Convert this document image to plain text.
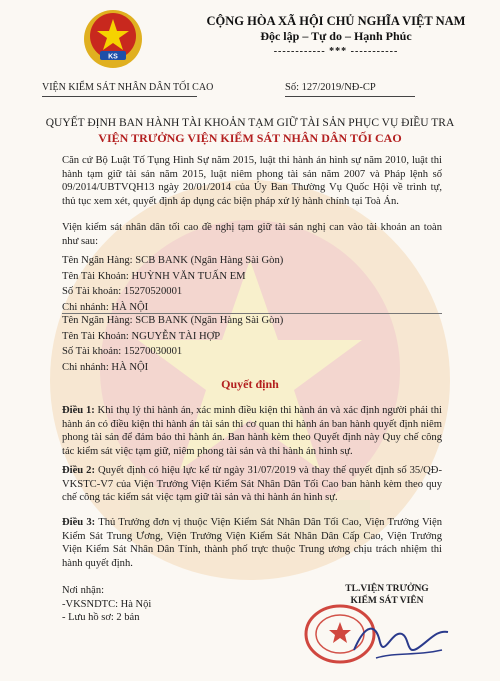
KS
CỘNG HÒA XÃ HỘI CHỦ NGHĨA VIỆT NAM
Độc lập – Tự do – Hạnh Phúc
------------ *** -----------
VIỆN KIỂM SÁT NHÂN DÂN TỐI CAO	Số: 127/2019/NĐ-CP
QUYẾT ĐỊNH BAN HÀNH TÀI KHOẢN TẠM GIỮ TÀI SẢN PHỤC VỤ ĐIỀU TRA
VIỆN TRƯỞNG VIỆN KIỂM SÁT NHÂN DÂN TỐI CAO
Căn cứ Bộ Luật Tố Tụng Hình Sự năm 2015, luật thi hành án hình sự năm 2010, luật thi hành tạm giữ tài sản năm 2015, luật niêm phong tài sản năm 2007 và Pháp lệnh số 09/2014/UBTVQH13 ngày 20/01/2014 của Ủy Ban Thường Vụ Quốc Hội về trình tự, thủ tục xem xét, quyết định áp dụng các biện pháp xử lý hành chính tại Toà Án.
Viện kiểm sát nhân dân tối cao đề nghị tạm giữ tài sản nghị can vào tài khoản an toàn như sau:
Tên Ngân Hàng: SCB BANK (Ngân Hàng Sài Gòn)
Tên Tài Khoản: HUỲNH VĂN TUẤN EM
Số Tài khoản: 15270520001
Chi nhánh: HÀ NỘI
Tên Ngân Hàng: SCB BANK (Ngân Hàng Sài Gòn)
Tên Tài Khoản: NGUYỄN TÀI HỢP
Số Tài khoản: 15270030001
Chi nhánh: HÀ NỘI
Quyết định
Điều 1: Khi thụ lý thi hành án, xác minh điều kiện thi hành án và xác định người phải thi hành án có điều kiện thi hành án tài sản thì cơ quan thi hành án ban hành quyết định niêm phong tài sản để đảm bảo thi hành án. Ban hành kèm theo Quyết định này Quy chế công tác kiểm sát việc tạm giữ, niêm phong tài sản và thi hành án hình sự.
Điều 2: Quyết định có hiệu lực kể từ ngày 31/07/2019 và thay thế quyết định số 35/QĐ-VKSTC-V7 của Viện Trưởng Viện Kiểm Sát Nhân Dân Tối Cao ban hành kèm theo quy chế công tác kiểm sát việc tạm giữ tài sản và thi hành án hình sự.
Điều 3: Thủ Trưởng đơn vị thuộc Viện Kiểm Sát Nhân Dân Tối Cao, Viện Trưởng Viện Kiểm Sát Trung Ương, Viện Trưởng Viện Kiểm Sát Nhân Dân Cấp Cao, Viện Trưởng Viện Kiểm Sát Nhân Dân Tỉnh, thành phố trực thuộc Trung ương chịu trách nhiệm thi hành quyết định.
Nơi nhận:
-VKSNDTC: Hà Nội
- Lưu hồ sơ: 2 bản
TL.VIỆN TRƯỞNG
KIỂM SÁT VIÊN
